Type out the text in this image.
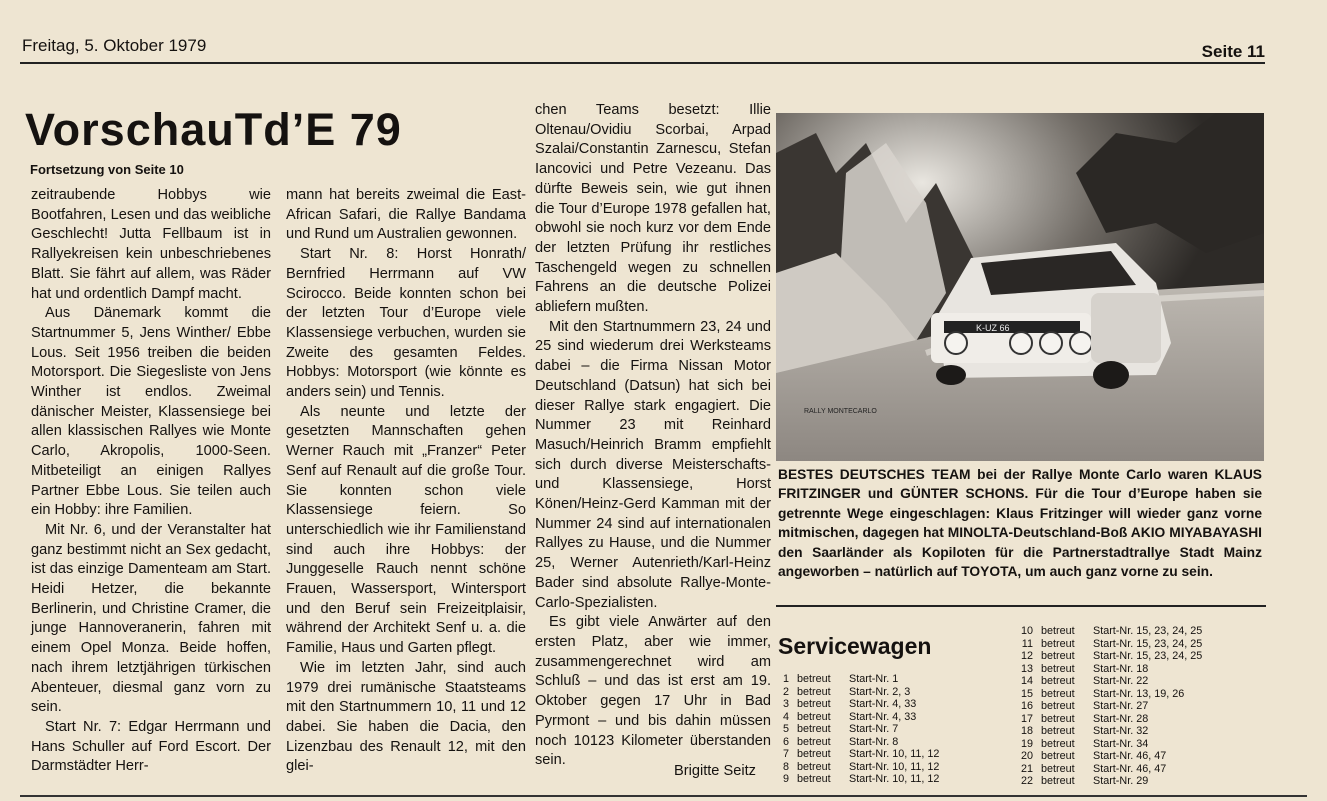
Freitag, 5. Oktober 1979	Seite 11
VorschauTd’E 79
Fortsetzung von Seite 10

zeitraubende Hobbys wie Bootfahren, Lesen und das weibliche Geschlecht! Jutta Fellbaum ist in Rallyekreisen kein unbeschriebenes Blatt. Sie fährt auf allem, was Räder hat und ordentlich Dampf macht.

Aus Dänemark kommt die Startnummer 5, Jens Winther/ Ebbe Lous. Seit 1956 treiben die beiden Motorsport. Die Siegesliste von Jens Winther ist endlos. Zweimal dänischer Meister, Klassensiege bei allen klassischen Rallyes wie Monte Carlo, Akropolis, 1000-Seen. Mitbeteiligt an einigen Rallyes Partner Ebbe Lous. Sie teilen auch ein Hobby: ihre Familien.

Mit Nr. 6, und der Veranstalter hat ganz bestimmt nicht an Sex gedacht, ist das einzige Damenteam am Start. Heidi Hetzer, die bekannte Berlinerin, und Christine Cramer, die junge Hannoveranerin, fahren mit einem Opel Monza. Beide hoffen, nach ihrem letztjährigen türkischen Abenteuer, diesmal ganz vorn zu sein.

Start Nr. 7: Edgar Herrmann und Hans Schuller auf Ford Escort. Der Darmstädter Herr-

mann hat bereits zweimal die East-African Safari, die Rallye Bandama und Rund um Australien gewonnen.

Start Nr. 8: Horst Honrath/ Bernfried Herrmann auf VW Scirocco. Beide konnten schon bei der letzten Tour d’Europe viele Klassensiege verbuchen, wurden sie Zweite des gesamten Feldes. Hobbys: Motorsport (wie könnte es anders sein) und Tennis.

Als neunte und letzte der gesetzten Mannschaften gehen Werner Rauch mit „Franzer“ Peter Senf auf Renault auf die große Tour. Sie konnten schon viele Klassensiege feiern. So unterschiedlich wie ihr Familienstand sind auch ihre Hobbys: der Junggeselle Rauch nennt schöne Frauen, Wassersport, Wintersport und den Beruf sein Freizeitplaisir, während der Architekt Senf u. a. die Familie, Haus und Garten pflegt.

Wie im letzten Jahr, sind auch 1979 drei rumänische Staatsteams mit den Startnummern 10, 11 und 12 dabei. Sie haben die Dacia, den Lizenzbau des Renault 12, mit den glei-

chen Teams besetzt: Illie Oltenau/Ovidiu Scorbai, Arpad Szalai/Constantin Zarnescu, Stefan Iancovici und Petre Vezeanu. Das dürfte Beweis sein, wie gut ihnen die Tour d’Europe 1978 gefallen hat, obwohl sie noch kurz vor dem Ende der letzten Prüfung ihr restliches Taschengeld wegen zu schnellen Fahrens an die deutsche Polizei abliefern mußten.

Mit den Startnummern 23, 24 und 25 sind wiederum drei Werksteams dabei – die Firma Nissan Motor Deutschland (Datsun) hat sich bei dieser Rallye stark engagiert. Die Nummer 23 mit Reinhard Masuch/Heinrich Bramm empfiehlt sich durch diverse Meisterschafts- und Klassensiege, Horst Könen/Heinz-Gerd Kamman mit der Nummer 24 sind auf internationalen Rallyes zu Hause, und die Nummer 25, Werner Autenrieth/Karl-Heinz Bader sind absolute Rallye-Monte-Carlo-Spezialisten.

Es gibt viele Anwärter auf den ersten Platz, aber wie immer, zusammengerechnet wird am Schluß – und das ist erst am 19. Oktober gegen 17 Uhr in Bad Pyrmont – und bis dahin müssen noch 10123 Kilometer überstanden sein.

Brigitte Seitz
K-UZ 66
RALLY MONTECARLO
BESTES DEUTSCHES TEAM bei der Rallye Monte Carlo waren KLAUS FRITZINGER und GÜNTER SCHONS. Für die Tour d’Europe haben sie getrennte Wege eingeschlagen: Klaus Fritzinger will wieder ganz vorne mitmischen, dagegen hat MINOLTA-Deutschland-Boß AKIO MIYABAYASHI den Saarländer als Kopiloten für die Partnerstadtrallye Stadt Mainz angeworben – natürlich auf TOYOTA, um auch ganz vorne zu sein.
Servicewagen
1 betreut	Start-Nr. 1
2 betreut	Start-Nr. 2, 3
3 betreut	Start-Nr. 4, 33
4 betreut	Start-Nr. 4, 33
5 betreut	Start-Nr. 7
6 betreut	Start-Nr. 8
7 betreut	Start-Nr. 10, 11, 12
8 betreut	Start-Nr. 10, 11, 12
9 betreut	Start-Nr. 10, 11, 12
10 betreut	Start-Nr. 15, 23, 24, 25
11 betreut	Start-Nr. 15, 23, 24, 25
12 betreut	Start-Nr. 15, 23, 24, 25
13 betreut	Start-Nr. 18
14 betreut	Start-Nr. 22
15 betreut	Start-Nr. 13, 19, 26
16 betreut	Start-Nr. 27
17 betreut	Start-Nr. 28
18 betreut	Start-Nr. 32
19 betreut	Start-Nr. 34
20 betreut	Start-Nr. 46, 47
21 betreut	Start-Nr. 46, 47
22 betreut	Start-Nr. 29
